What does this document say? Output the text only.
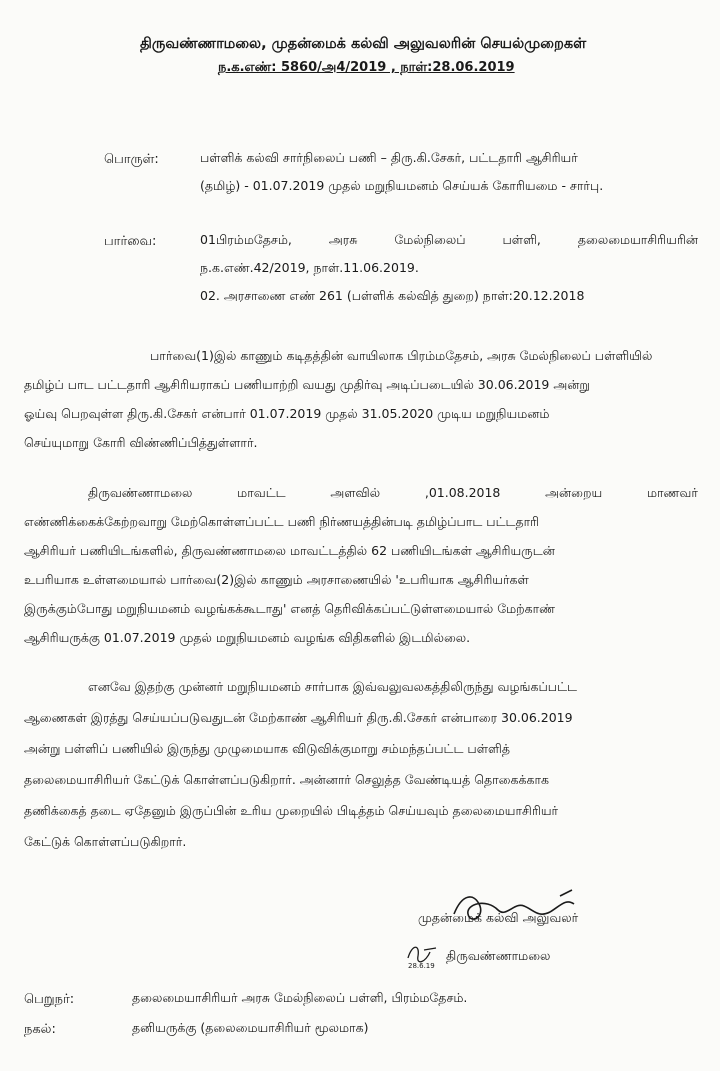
திருவண்ணாமலை, முதன்மைக் கல்வி அலுவலரின் செயல்முறைகள்
ந.க.எண்: 5860/அ4/2019 , நாள்:28.06.2019
பொருள்:	பள்ளிக் கல்வி சார்நிலைப் பணி – திரு.கி.சேகர், பட்டதாரி ஆசிரியர்
(தமிழ்) - 01.07.2019 முதல் மறுநியமனம் செய்யக் கோரியமை - சார்பு.
பார்வை:	01பிரம்மதேசம்,	அரசு	மேல்நிலைப்	பள்ளி,	தலைமையாசிரியரின்
ந.க.எண்.42/2019, நாள்.11.06.2019.
02. அரசாணை எண் 261 (பள்ளிக் கல்வித் துறை) நாள்:20.12.2018
பார்வை(1)இல் காணும் கடிதத்தின் வாயிலாக பிரம்மதேசம், அரசு மேல்நிலைப் பள்ளியில்
தமிழ்ப் பாட பட்டதாரி ஆசிரியராகப் பணியாற்றி வயது முதிர்வு அடிப்படையில் 30.06.2019 அன்று
ஓய்வு பெறவுள்ள திரு.கி.சேகர் என்பார் 01.07.2019 முதல் 31.05.2020 முடிய மறுநியமனம்
செய்யுமாறு கோரி விண்ணிப்பித்துள்ளார்.
திருவண்ணாமலை	மாவட்ட	அளவில்	,01.08.2018	அன்றைய	மாணவர்
எண்ணிக்கைக்கேற்றவாறு மேற்கொள்ளப்பட்ட பணி நிர்ணயத்தின்படி தமிழ்ப்பாட பட்டதாரி
ஆசிரியர் பணியிடங்களில், திருவண்ணாமலை மாவட்டத்தில் 62 பணியிடங்கள் ஆசிரியருடன்
உபரியாக உள்ளமையால் பார்வை(2)இல் காணும் அரசாணையில் 'உபரியாக ஆசிரியர்கள்
இருக்கும்போது மறுநியமனம் வழங்கக்கூடாது' எனத் தெரிவிக்கப்பட்டுள்ளமையால் மேற்காண்
ஆசிரியருக்கு 01.07.2019 முதல் மறுநியமனம் வழங்க விதிகளில் இடமில்லை.
எனவே இதற்கு முன்னர் மறுநியமனம் சார்பாக இவ்வலுவலகத்திலிருந்து வழங்கப்பட்ட
ஆணைகள் இரத்து செய்யப்படுவதுடன் மேற்காண் ஆசிரியர் திரு.கி.சேகர் என்பாரை 30.06.2019
அன்று பள்ளிப் பணியில் இருந்து முழுமையாக விடுவிக்குமாறு சம்மந்தப்பட்ட பள்ளித்
தலைமையாசிரியர் கேட்டுக் கொள்ளப்படுகிறார். அன்னார் செலுத்த வேண்டியத் தொகைக்காக
தணிக்கைத் தடை ஏதேனும் இருப்பின் உரிய முறையில் பிடித்தம் செய்யவும் தலைமையாசிரியர்
கேட்டுக் கொள்ளப்படுகிறார்.
முதன்மைக் கல்வி அலுவலர்
28.6.19
திருவண்ணாமலை
பெறுநர்:	தலைமையாசிரியர் அரசு மேல்நிலைப் பள்ளி, பிரம்மதேசம்.
நகல்:	தனியருக்கு (தலைமையாசிரியர் மூலமாக)
